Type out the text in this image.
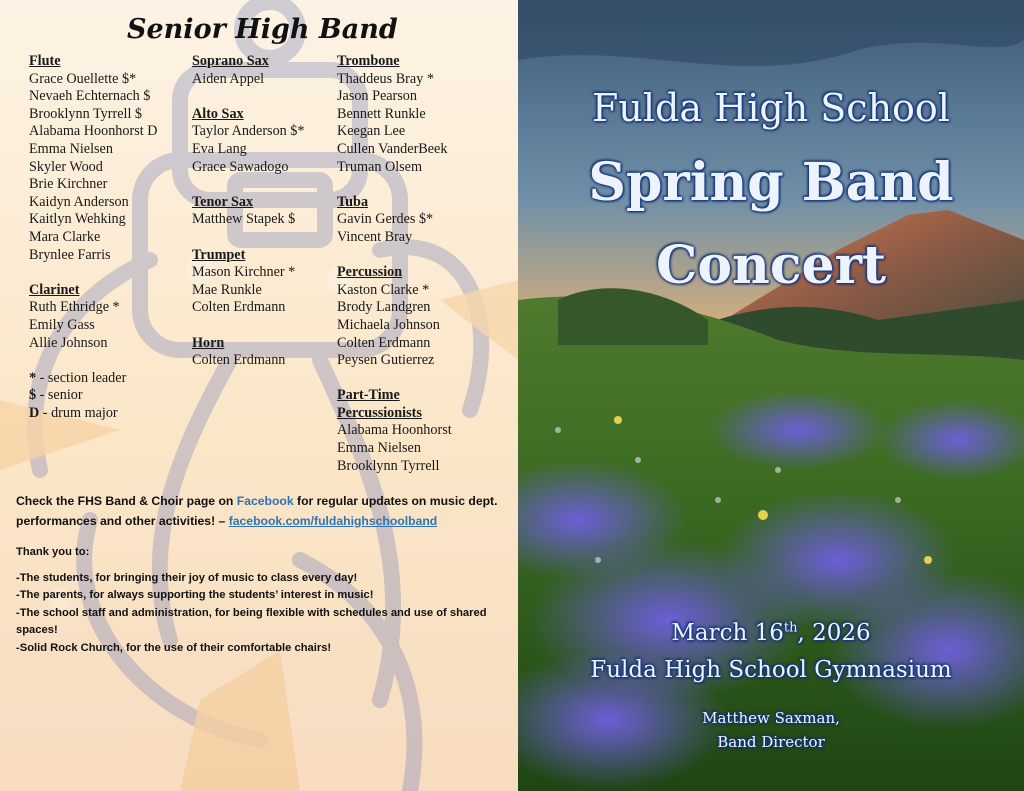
Senior High Band
Flute
Grace Ouellette $*
Nevaeh Echternach $
Brooklynn Tyrrell $
Alabama Hoonhorst D
Emma Nielsen
Skyler Wood
Brie Kirchner
Kaidyn Anderson
Kaitlyn Wehking
Mara Clarke
Brynlee Farris
Clarinet
Ruth Ethridge *
Emily Gass
Allie Johnson
* - section leader
$ - senior
D - drum major
Soprano Sax
Aiden Appel
Alto Sax
Taylor Anderson $*
Eva Lang
Grace Sawadogo
Tenor Sax
Matthew Stapek $
Trumpet
Mason Kirchner *
Mae Runkle
Colten Erdmann
Horn
Colten Erdmann
Trombone
Thaddeus Bray *
Jason Pearson
Bennett Runkle
Keegan Lee
Cullen VanderBeek
Truman Olsem
Tuba
Gavin Gerdes $*
Vincent Bray
Percussion
Kaston Clarke *
Brody Landgren
Michaela Johnson
Colten Erdmann
Peysen Gutierrez
Part-Time
Percussionists
Alabama Hoonhorst
Emma Nielsen
Brooklynn Tyrrell
Check the FHS Band & Choir page on Facebook for regular updates on music dept. performances and other activities! – facebook.com/fuldahighschoolband
Thank you to:
-The students, for bringing their joy of music to class every day!
-The parents, for always supporting the students’ interest in music!
-The school staff and administration, for being flexible with schedules and use of shared spaces!
-Solid Rock Church, for the use of their comfortable chairs!
Fulda High School
Spring Band
Concert
March 16th, 2026
Fulda High School Gymnasium
Matthew Saxman,
Band Director
